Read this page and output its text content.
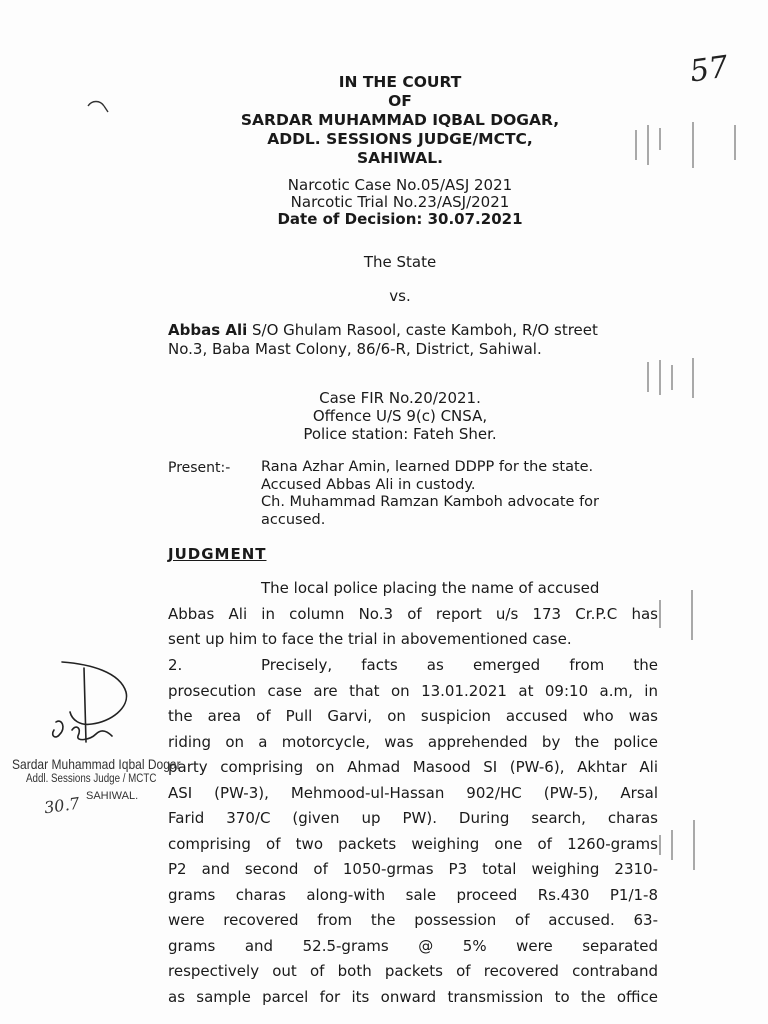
57
IN THE COURT
OF
SARDAR MUHAMMAD IQBAL DOGAR,
ADDL. SESSIONS JUDGE/MCTC,
SAHIWAL.
Narcotic Case No.05/ASJ 2021
Narcotic Trial No.23/ASJ/2021
Date of Decision: 30.07.2021
The State
vs.
Abbas Ali S/O Ghulam Rasool, caste Kamboh, R/O street
No.3, Baba Mast Colony, 86/6-R, District, Sahiwal.
Case FIR No.20/2021.
Offence U/S 9(c) CNSA,
Police station: Fateh Sher.
Present:- Rana Azhar Amin, learned DDPP for the state.
Accused Abbas Ali in custody.
Ch. Muhammad Ramzan Kamboh advocate for
accused.
JUDGMENT
The local police placing the name of accused
Abbas Ali in column No.3 of report u/s 173 Cr.P.C has
sent up him to face the trial in abovementioned case.
2.	Precisely, facts as emerged from the
prosecution case are that on 13.01.2021 at 09:10 a.m, in
the area of Pull Garvi, on suspicion accused who was
riding on a motorcycle, was apprehended by the police
party comprising on Ahmad Masood SI (PW-6), Akhtar Ali
ASI (PW-3), Mehmood-ul-Hassan 902/HC (PW-5), Arsal
Farid 370/C (given up PW). During search, charas
comprising of two packets weighing one of 1260-grams
P2 and second of 1050-grmas P3 total weighing 2310-
grams charas along-with sale proceed Rs.430 P1/1-8
were recovered from the possession of accused. 63-
grams and 52.5-grams @ 5% were separated
respectively out of both packets of recovered contraband
as sample parcel for its onward transmission to the office
Sardar Muhammad Iqbal Dogar
Addl. Sessions Judge / MCTC
SAHIWAL.
30.7
